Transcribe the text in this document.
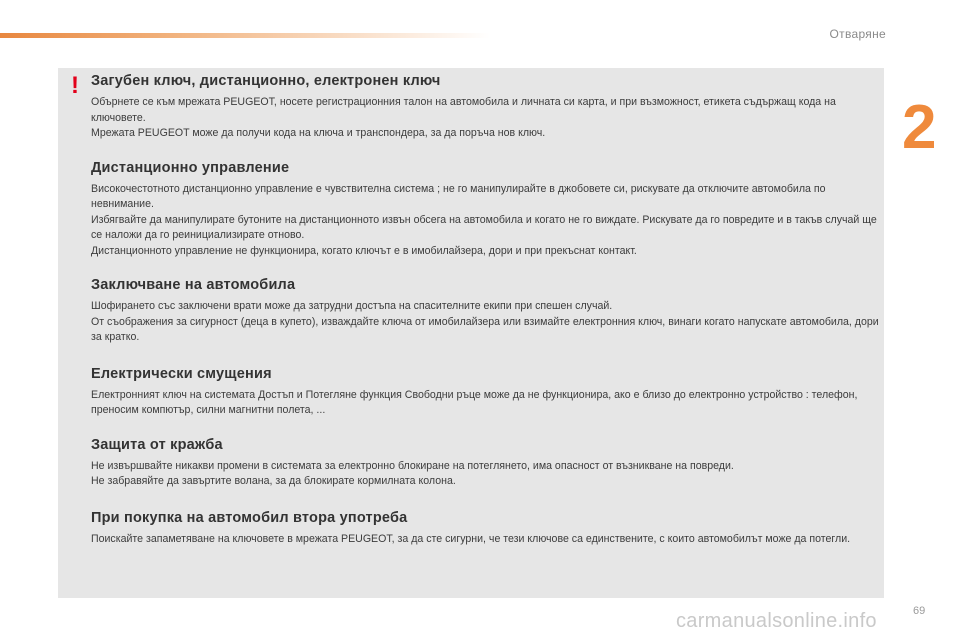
Отваряне
2
! Загубен ключ, дистанционно, електронен ключ

Обърнете се към мрежата PEUGEOT, носете регистрационния талон на автомобила и личната си карта, и при възможност, етикета съдържащ кода на ключовете.

Мрежата PEUGEOT може да получи кода на ключа и транспондера, за да поръча нов ключ.

Дистанционно управление

Високочестотното дистанционно управление е чувствителна система ; не го манипулирайте в джобовете си, рискувате да отключите автомобила по невнимание.

Избягвайте да манипулирате бутоните на дистанционното извън обсега на автомобила и когато не го виждате. Рискувате да го повредите и в такъв случай ще се наложи да го реинициализирате отново.

Дистанционното управление не функционира, когато ключът е в имобилайзера, дори и при прекъснат контакт.

Заключване на автомобила

Шофирането със заключени врати може да затрудни достъпа на спасителните екипи при спешен случай.

От съображения за сигурност (деца в купето), изваждайте ключа от имобилайзера или взимайте електронния ключ, винаги когато напускате автомобила, дори за кратко.

Електрически смущения

Електронният ключ на системата Достъп и Потегляне функция Свободни ръце може да не функционира, ако е близо до електронно устройство : телефон, преносим компютър, силни магнитни полета, ...

Защита от кражба

Не извършвайте никакви промени в системата за електронно блокиране на потеглянето, има опасност от възникване на повреди.

Не забравяйте да завъртите волана, за да блокирате кормилната колона.

При покупка на автомобил втора употреба

Поискайте запаметяване на ключовете в мрежата PEUGEOT, за да сте сигурни, че тези ключове са единствените, с които автомобилът може да потегли.

69
carmanualsonline.info
